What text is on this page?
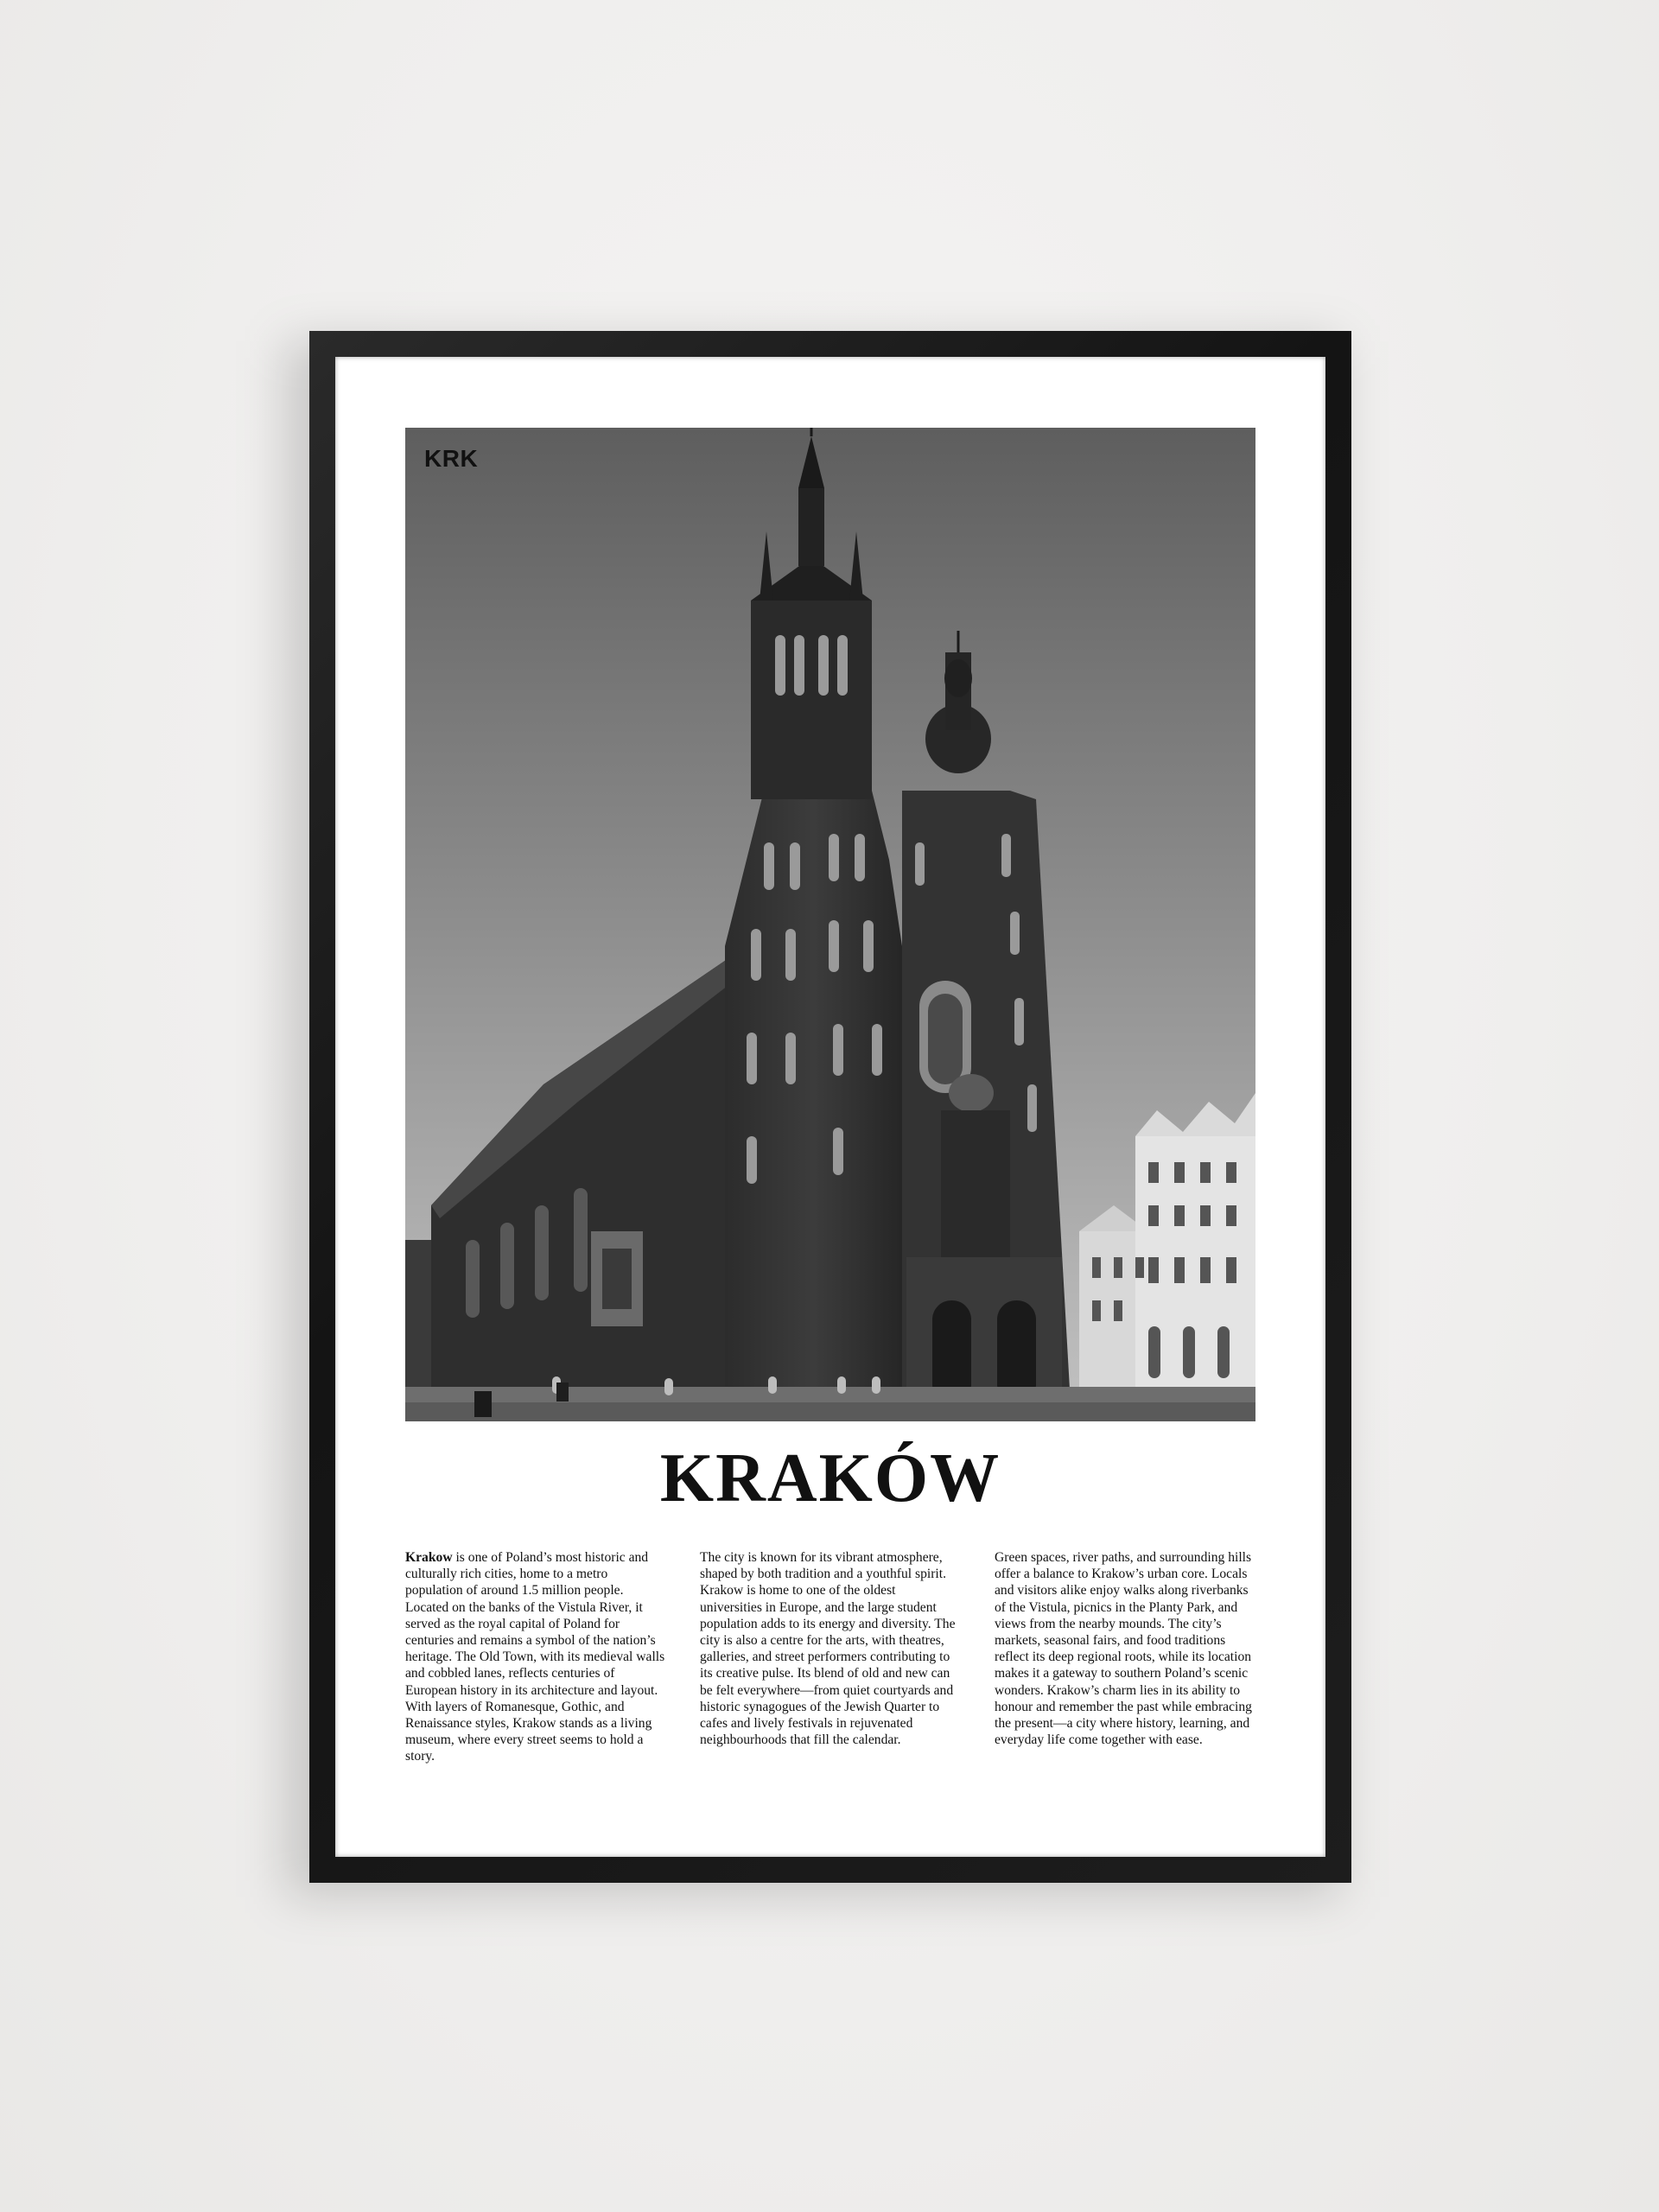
KRK
KRAKÓW
Krakow is one of Poland’s most historic and culturally rich cities, home to a metro population of around 1.5 million people. Located on the banks of the Vistula River, it served as the royal capital of Poland for centuries and remains a symbol of the nation’s heritage. The Old Town, with its medieval walls and cobbled lanes, reflects centuries of European history in its architecture and layout. With layers of Romanesque, Gothic, and Renaissance styles, Krakow stands as a living museum, where every street seems to hold a story.
The city is known for its vibrant atmosphere, shaped by both tradition and a youthful spirit. Krakow is home to one of the oldest universities in Europe, and the large student population adds to its energy and diversity. The city is also a centre for the arts, with theatres, galleries, and street performers contributing to its creative pulse. Its blend of old and new can be felt everywhere—from quiet courtyards and historic synagogues of the Jewish Quarter to cafes and lively festivals in rejuvenated neighbourhoods that fill the calendar.
Green spaces, river paths, and surrounding hills offer a balance to Krakow’s urban core. Locals and visitors alike enjoy walks along riverbanks of the Vistula, picnics in the Planty Park, and views from the nearby mounds. The city’s markets, seasonal fairs, and food traditions reflect its deep regional roots, while its location makes it a gateway to southern Poland’s scenic wonders. Krakow’s charm lies in its ability to honour and remember the past while embracing the present—a city where history, learning, and everyday life come together with ease.
